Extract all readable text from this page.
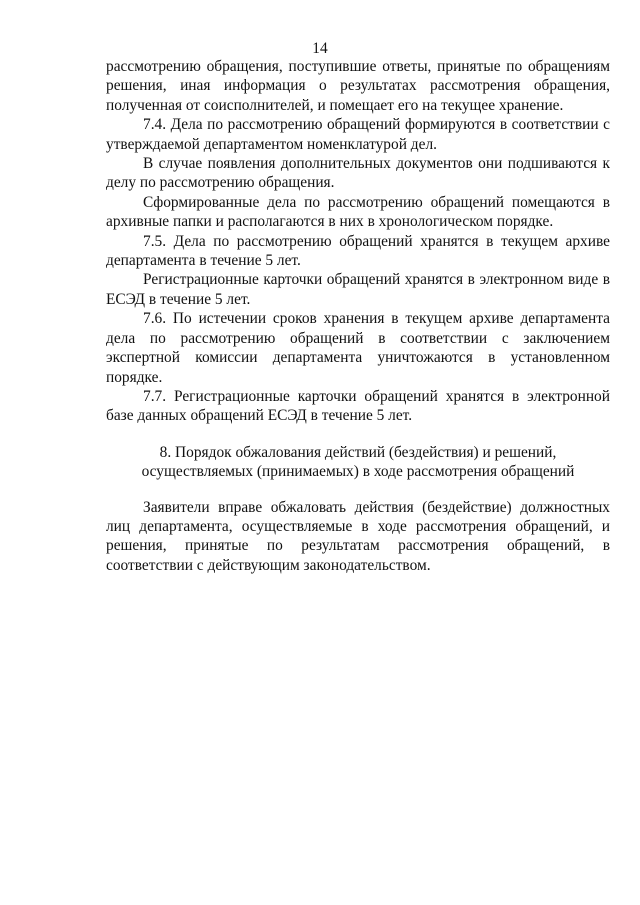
14

рассмотрению обращения, поступившие ответы, принятые по обращениям решения, иная информация о результатах рассмотрения обращения, полученная от соисполнителей, и помещает его на текущее хранение.

7.4. Дела по рассмотрению обращений формируются в соответствии с утверждаемой департаментом номенклатурой дел.

В случае появления дополнительных документов они подшиваются к делу по рассмотрению обращения.

Сформированные дела по рассмотрению обращений помещаются в архивные папки и располагаются в них в хронологическом порядке.

7.5. Дела по рассмотрению обращений хранятся в текущем архиве департамента в течение 5 лет.

Регистрационные карточки обращений хранятся в электронном виде в ЕСЭД в течение 5 лет.

7.6. По истечении сроков хранения в текущем архиве департамента дела по рассмотрению обращений в соответствии с заключением экспертной комиссии департамента уничтожаются в установленном порядке.

7.7. Регистрационные карточки обращений хранятся в электронной базе данных обращений ЕСЭД в течение 5 лет.

8. Порядок обжалования действий (бездействия) и решений,
осуществляемых (принимаемых) в ходе рассмотрения обращений

Заявители вправе обжаловать действия (бездействие) должностных лиц департамента, осуществляемые в ходе рассмотрения обращений, и решения, принятые по результатам рассмотрения обращений, в соответствии с действующим законодательством.
